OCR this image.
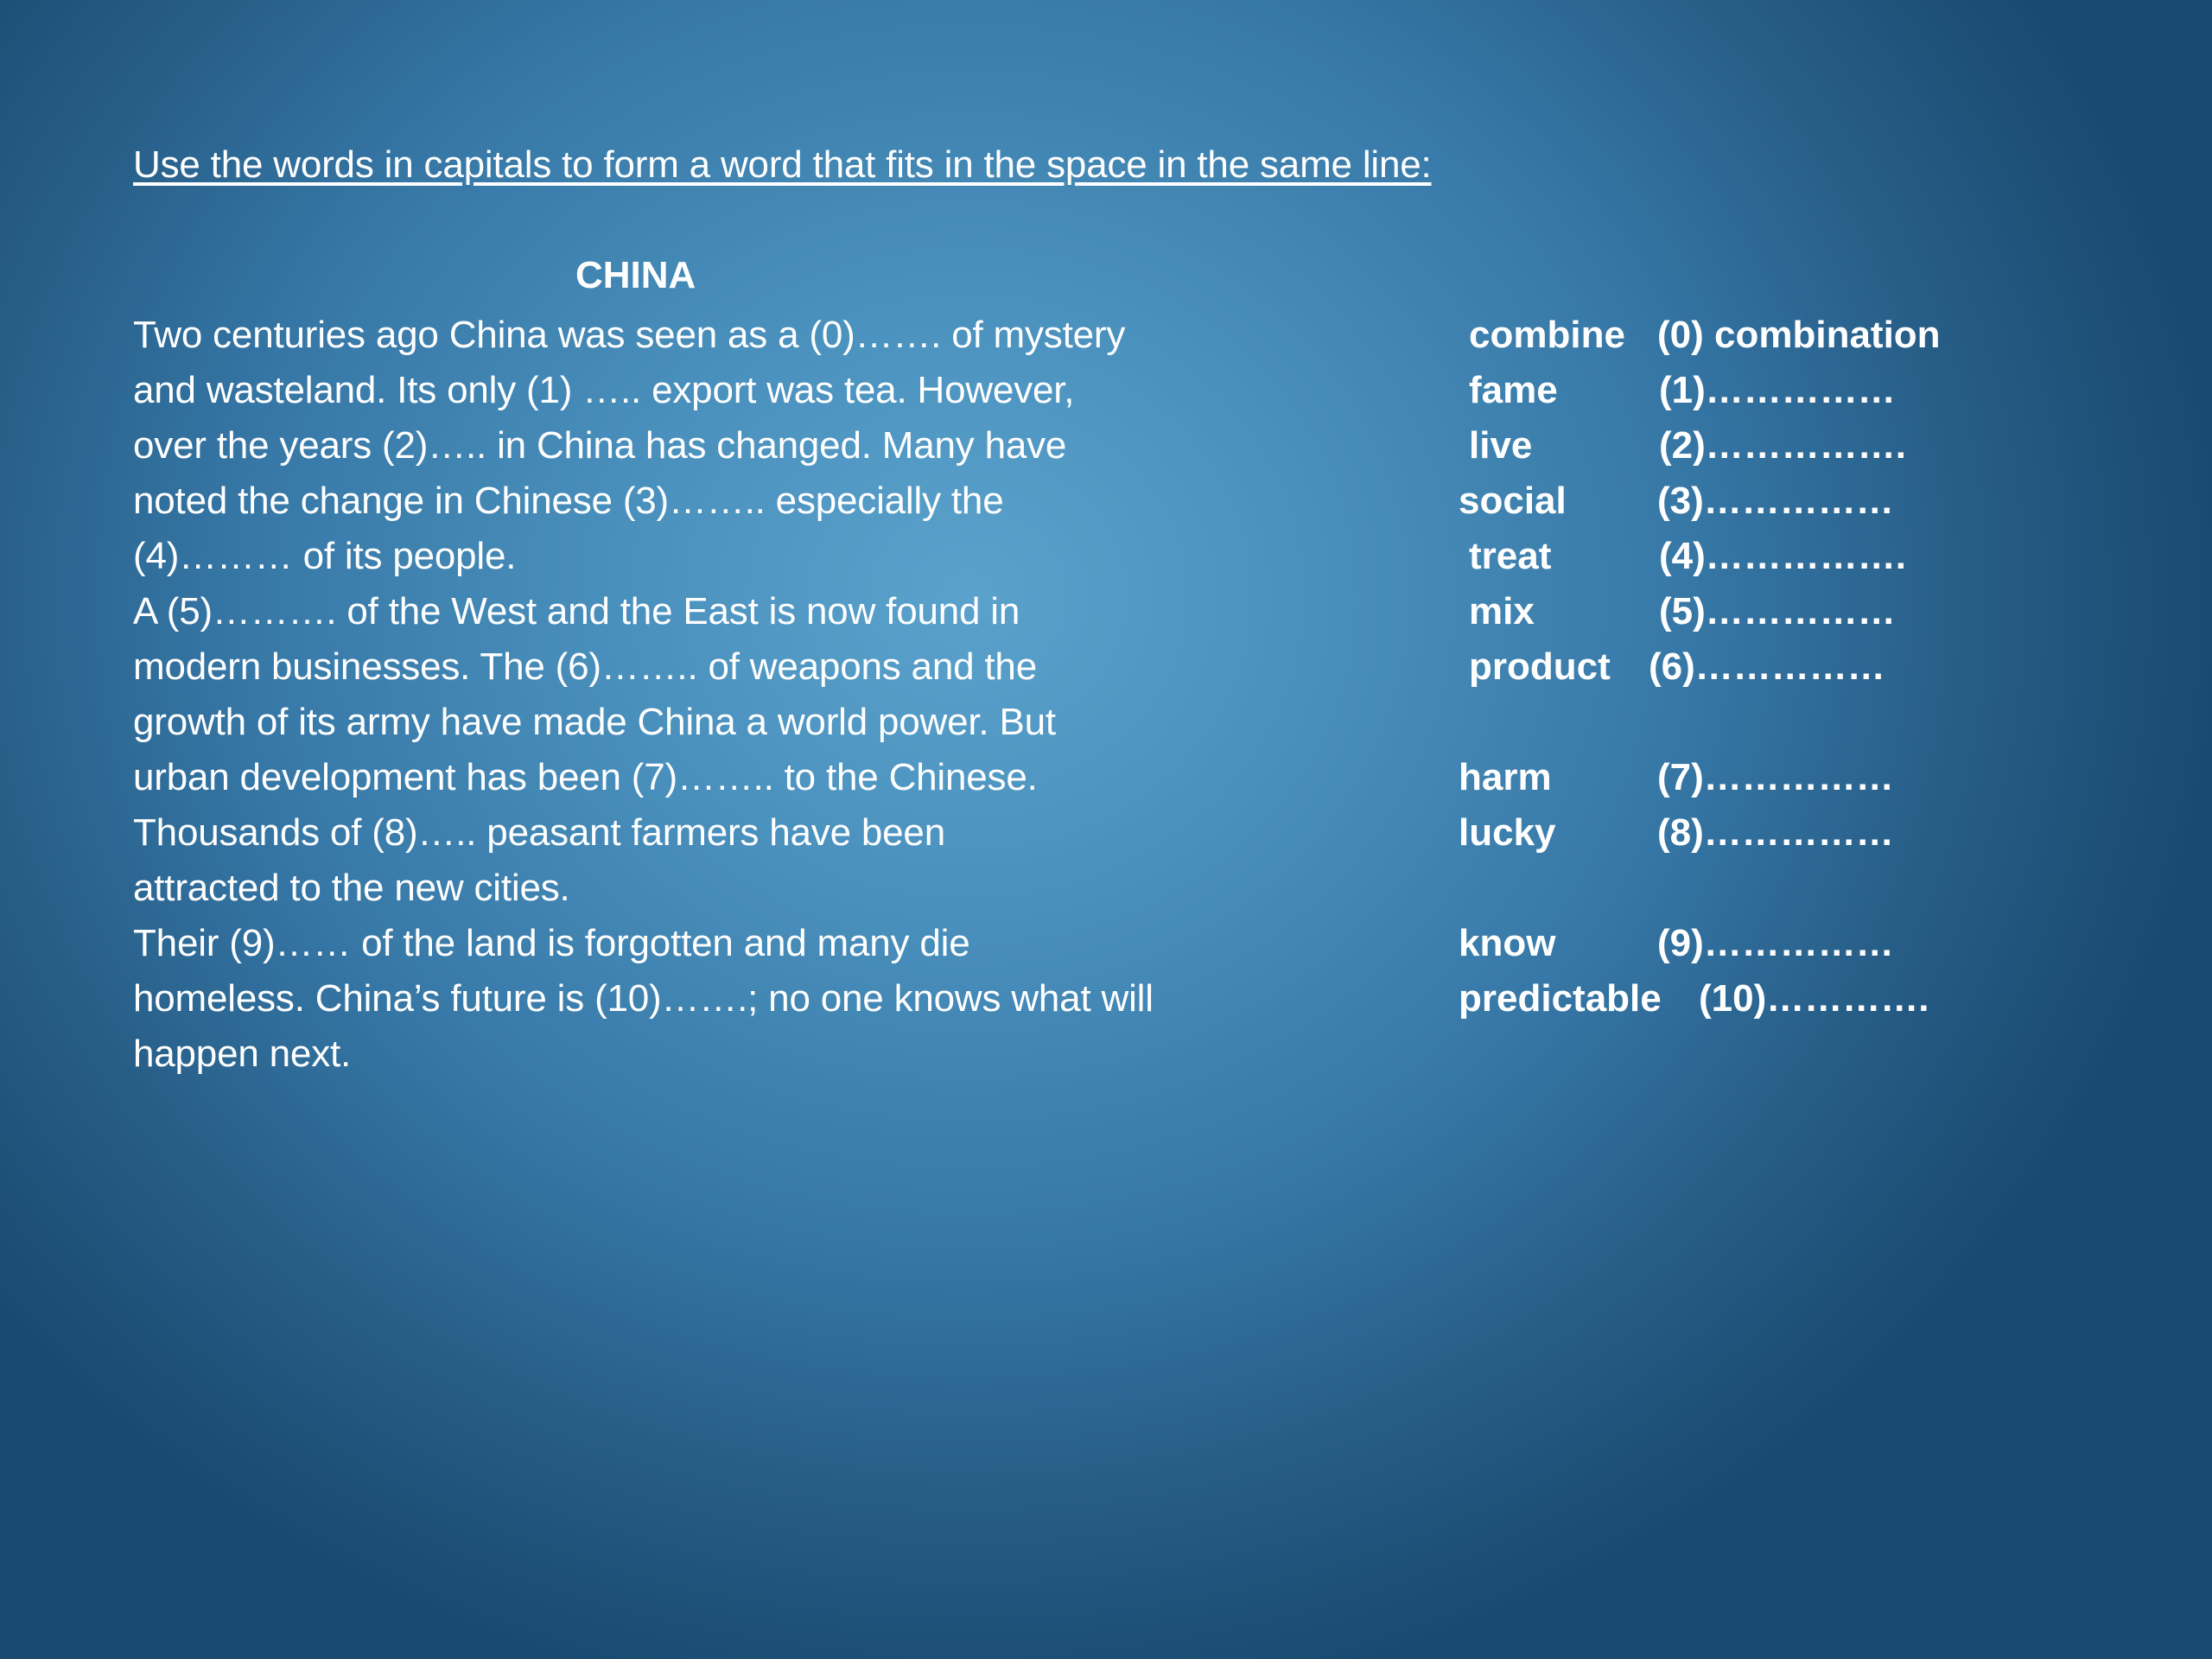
Use the words in capitals to form a word that fits in the space in the same line:
CHINA
Two centuries ago China was seen as a (0)……. of mystery
and wasteland. Its only (1) ….. export was tea. However,
over the years (2)….. in China has changed. Many have
noted the change in Chinese (3)…….. especially the
(4)……… of its people.
A (5)………. of the West and the East is now found in
modern businesses. The (6)…….. of weapons and the
growth of its army have made China a world power. But
urban development has been (7)…….. to the Chinese.
Thousands of (8)….. peasant farmers have been
attracted to the new cities.
Their (9)…… of the land is forgotten and many die
homeless. China’s future is (10)…….; no one knows what will
happen next.
combine (0) combination
fame	(1)……………
live	(2)…………….
social (3)……………
treat	(4)…………….
mix	(5)……………
product (6)……………
harm	(7)……………
lucky	(8)……………
know	(9)……………
predictable (10)………….
